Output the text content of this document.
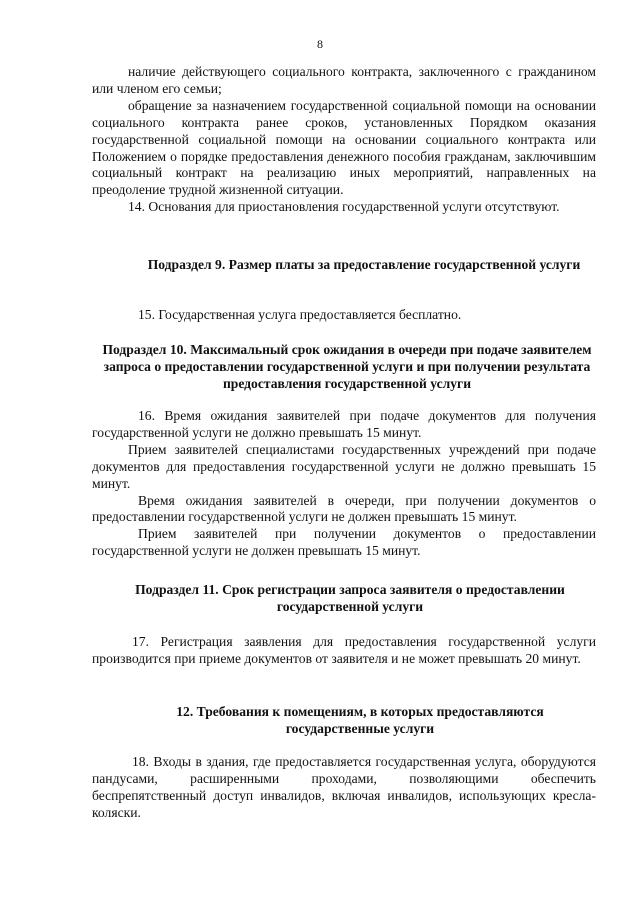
8

наличие действующего социального контракта, заключенного с гражданином или членом его семьи;

обращение за назначением государственной социальной помощи на основании социального контракта ранее сроков, установленных Порядком оказания государственной социальной помощи на основании социального контракта или Положением о порядке предоставления денежного пособия гражданам, заключившим социальный контракт на реализацию иных мероприятий, направленных на преодоление трудной жизненной ситуации.

14. Основания для приостановления государственной услуги отсутствуют.

Подраздел 9. Размер платы за предоставление государственной услуги

15. Государственная услуга предоставляется бесплатно.

Подраздел 10. Максимальный срок ожидания в очереди при подаче заявителем запроса о предоставлении государственной услуги и при получении результата предоставления государственной услуги

16. Время ожидания заявителей при подаче документов для получения государственной услуги не должно превышать 15 минут.

Прием заявителей специалистами государственных учреждений при подаче документов для предоставления государственной услуги не должно превышать 15 минут.

Время ожидания заявителей в очереди, при получении документов о предоставлении государственной услуги не должен превышать 15 минут.

Прием заявителей при получении документов о предоставлении государственной услуги не должен превышать 15 минут.

Подраздел 11. Срок регистрации запроса заявителя о предоставлении государственной услуги

17. Регистрация заявления для предоставления государственной услуги производится при приеме документов от заявителя и не может превышать 20 минут.

12. Требования к помещениям, в которых предоставляются государственные услуги

18. Входы в здания, где предоставляется государственная услуга, оборудуются пандусами, расширенными проходами, позволяющими обеспечить беспрепятственный доступ инвалидов, включая инвалидов, использующих кресла-коляски.
